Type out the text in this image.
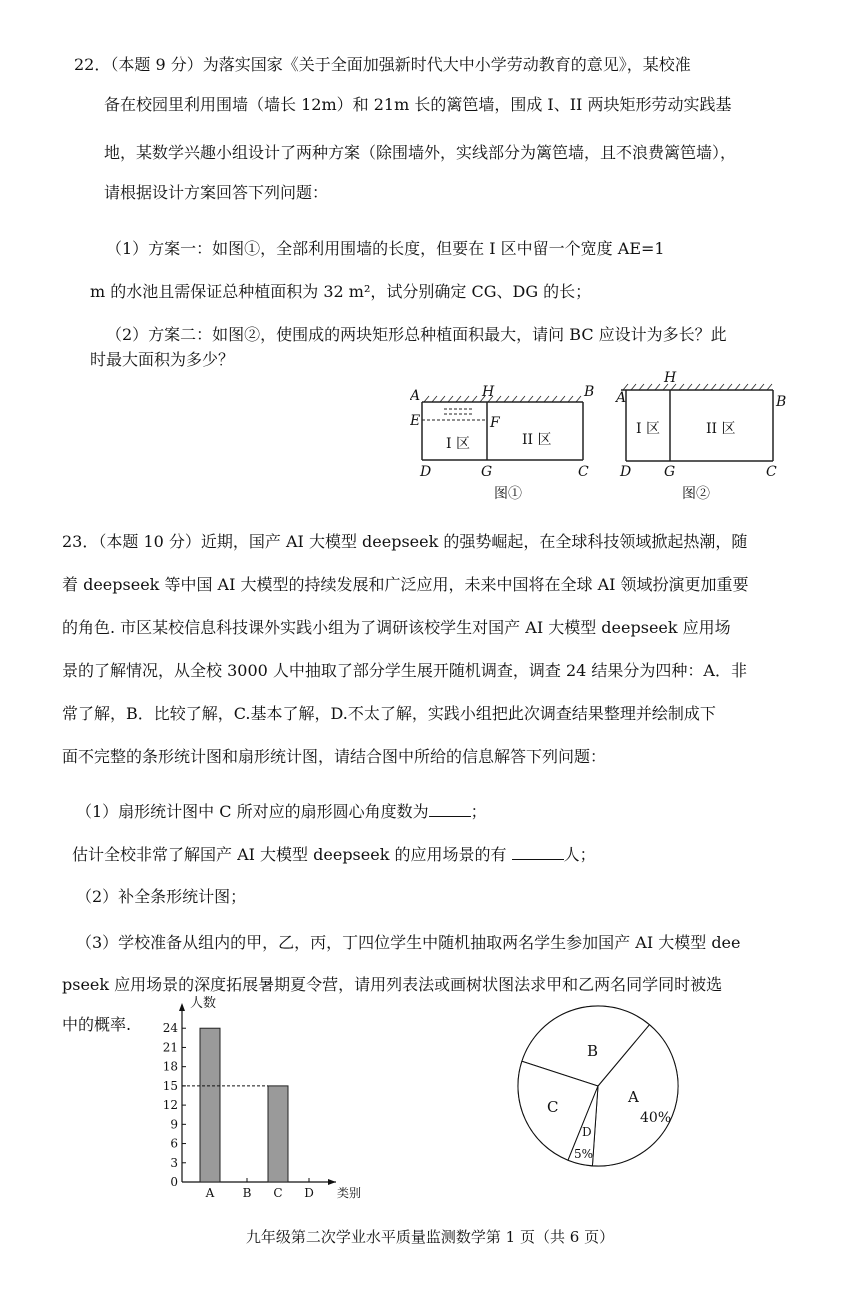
22．（本题 9 分）为落实国家《关于全面加强新时代大中小学劳动教育的意见》，某校准
备在校园里利用围墙（墙长 12m）和 21m 长的篱笆墙，围成 I、II 两块矩形劳动实践基
地，某数学兴趣小组设计了两种方案（除围墙外，实线部分为篱笆墙，且不浪费篱笆墙），
请根据设计方案回答下列问题：
（1）方案一：如图①，全部利用围墙的长度，但要在 I 区中留一个宽度 AE=1
m 的水池且需保证总种植面积为 32 m²，试分别确定 CG、DG 的长；
（2）方案二：如图②，使围成的两块矩形总种植面积最大，请问 BC 应设计为多长？此
时最大面积为多少？
A	H	B
E	F
D	G	C
I 区	II 区
图①
A
H
B
D G	C
I 区	II 区
图②
23．（本题 10 分）近期，国产 AI 大模型 deepseek 的强势崛起，在全球科技领域掀起热潮，随
着 deepseek 等中国 AI 大模型的持续发展和广泛应用，未来中国将在全球 AI 领域扮演更加重要
的角色. 市区某校信息科技课外实践小组为了调研该校学生对国产 AI 大模型 deepseek 应用场
景的了解情况，从全校 3000 人中抽取了部分学生展开随机调查，调查 24 结果分为四种：A．非
常了解，B．比较了解，C.基本了解，D.不太了解，实践小组把此次调查结果整理并绘制成下
面不完整的条形统计图和扇形统计图，请结合图中所给的信息解答下列问题：
（1）扇形统计图中 C 所对应的扇形圆心角度数为	；
估计全校非常了解国产 AI 大模型 deepseek 的应用场景的有	人；
（2）补全条形统计图；
（3）学校准备从组内的甲，乙，丙，丁四位学生中随机抽取两名学生参加国产 AI 大模型 dee
pseek 应用场景的深度拓展暑期夏令营，请用列表法或画树状图法求甲和乙两名同学同时被选
中的概率.
0
3
6
9
12
15
18
21
24
人数
A B C D 类别
A
40%
B
C
D
5%
九年级第二次学业水平质量监测数学第 1 页（共 6 页）
